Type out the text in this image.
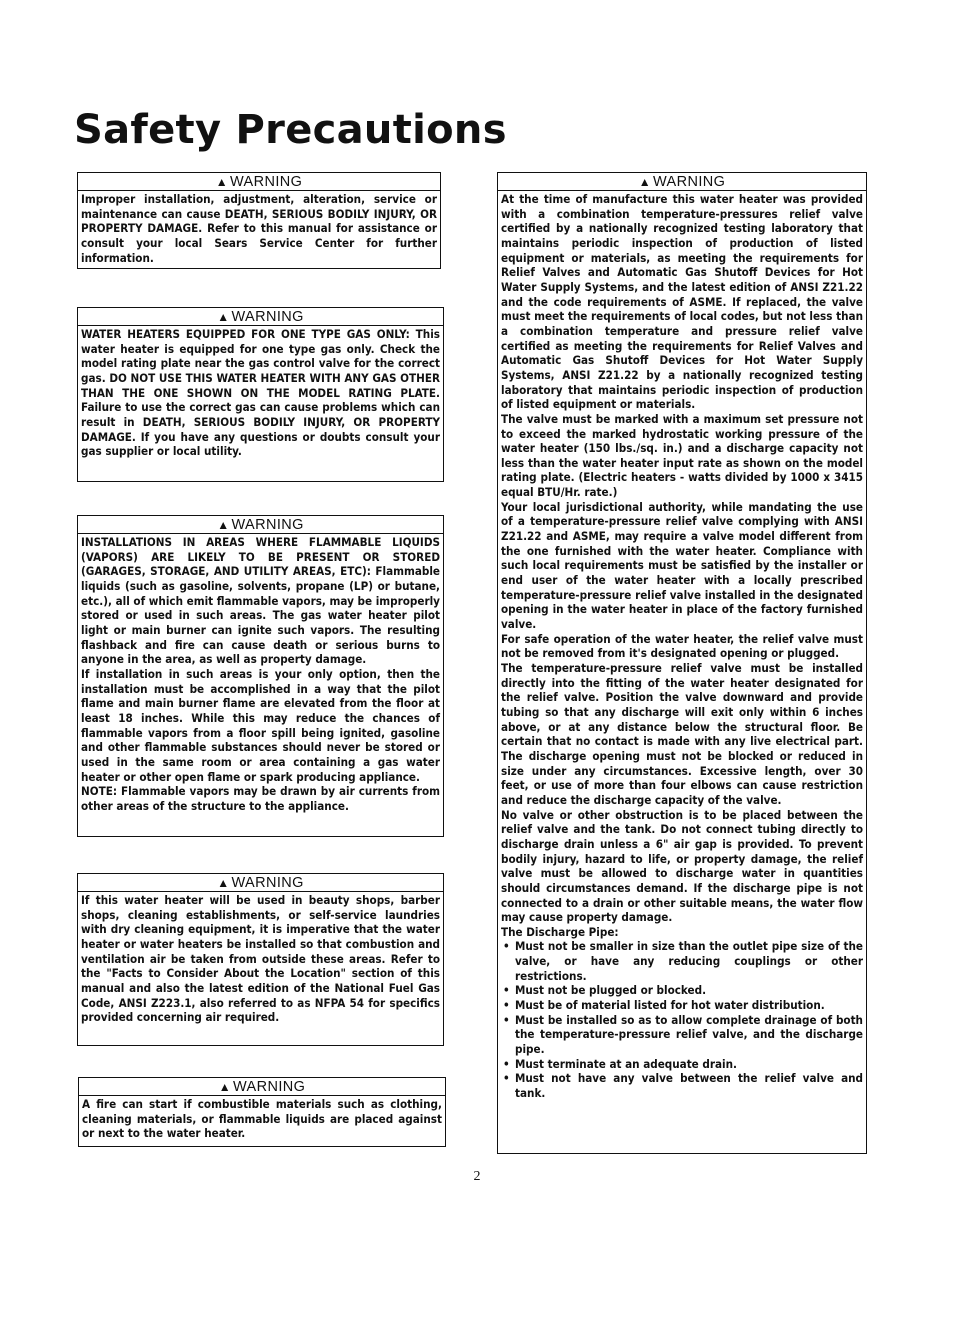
Safety Precautions
▲ WARNING

Improper installation, adjustment, alteration, service or maintenance can cause DEATH, SERIOUS BODILY INJURY, OR PROPERTY DAMAGE. Refer to this manual for assistance or consult your local Sears Service Center for further information.

▲ WARNING

WATER HEATERS EQUIPPED FOR ONE TYPE GAS ONLY: This water heater is equipped for one type gas only. Check the model rating plate near the gas control valve for the correct gas. DO NOT USE THIS WATER HEATER WITH ANY GAS OTHER THAN THE ONE SHOWN ON THE MODEL RATING PLATE. Failure to use the correct gas can cause problems which can result in DEATH, SERIOUS BODILY INJURY, OR PROPERTY DAMAGE. If you have any questions or doubts consult your gas supplier or local utility.

▲ WARNING

INSTALLATIONS IN AREAS WHERE FLAMMABLE LIQUIDS (VAPORS) ARE LIKELY TO BE PRESENT OR STORED (GARAGES, STORAGE, AND UTILITY AREAS, ETC): Flammable liquids (such as gasoline, solvents, propane (LP) or butane, etc.), all of which emit flammable vapors, may be improperly stored or used in such areas. The gas water heater pilot light or main burner can ignite such vapors. The resulting flashback and fire can cause death or serious burns to anyone in the area, as well as property damage.

If installation in such areas is your only option, then the installation must be accomplished in a way that the pilot flame and main burner flame are elevated from the floor at least 18 inches. While this may reduce the chances of flammable vapors from a floor spill being ignited, gasoline and other flammable substances should never be stored or used in the same room or area containing a gas water heater or other open flame or spark producing appliance.

NOTE: Flammable vapors may be drawn by air currents from other areas of the structure to the appliance.

▲ WARNING

If this water heater will be used in beauty shops, barber shops, cleaning establishments, or self-service laundries with dry cleaning equipment, it is imperative that the water heater or water heaters be installed so that combustion and ventilation air be taken from outside these areas. Refer to the "Facts to Consider About the Location" section of this manual and also the latest edition of the National Fuel Gas Code, ANSI Z223.1, also referred to as NFPA 54 for specifics provided concerning air required.

▲ WARNING

A fire can start if combustible materials such as clothing, cleaning materials, or flammable liquids are placed against or next to the water heater.

▲ WARNING

At the time of manufacture this water heater was provided with a combination temperature-pressures relief valve certified by a nationally recognized testing laboratory that maintains periodic inspection of production of listed equipment or materials, as meeting the requirements for Relief Valves and Automatic Gas Shutoff Devices for Hot Water Supply Systems, and the latest edition of ANSI Z21.22 and the code requirements of ASME. If replaced, the valve must meet the requirements of local codes, but not less than a combination temperature and pressure relief valve certified as meeting the requirements for Relief Valves and Automatic Gas Shutoff Devices for Hot Water Supply Systems, ANSI Z21.22 by a nationally recognized testing laboratory that maintains periodic inspection of production of listed equipment or materials.

The valve must be marked with a maximum set pressure not to exceed the marked hydrostatic working pressure of the water heater (150 lbs./sq. in.) and a discharge capacity not less than the water heater input rate as shown on the model rating plate. (Electric heaters - watts divided by 1000 x 3415 equal BTU/Hr. rate.)

Your local jurisdictional authority, while mandating the use of a temperature-pressure relief valve complying with ANSI Z21.22 and ASME, may require a valve model different from the one furnished with the water heater. Compliance with such local requirements must be satisfied by the installer or end user of the water heater with a locally prescribed temperature-pressure relief valve installed in the designated opening in the water heater in place of the factory furnished valve.

For safe operation of the water heater, the relief valve must not be removed from it's designated opening or plugged.

The temperature-pressure relief valve must be installed directly into the fitting of the water heater designated for the relief valve. Position the valve downward and provide tubing so that any discharge will exit only within 6 inches above, or at any distance below the structural floor. Be certain that no contact is made with any live electrical part. The discharge opening must not be blocked or reduced in size under any circumstances. Excessive length, over 30 feet, or use of more than four elbows can cause restriction and reduce the discharge capacity of the valve.

No valve or other obstruction is to be placed between the relief valve and the tank. Do not connect tubing directly to discharge drain unless a 6" air gap is provided. To prevent bodily injury, hazard to life, or property damage, the relief valve must be allowed to discharge water in quantities should circumstances demand. If the discharge pipe is not connected to a drain or other suitable means, the water flow may cause property damage.

The Discharge Pipe:

• Must not be smaller in size than the outlet pipe size of the valve, or have any reducing couplings or other restrictions.
• Must not be plugged or blocked.
• Must be of material listed for hot water distribution.
• Must be installed so as to allow complete drainage of both the temperature-pressure relief valve, and the discharge pipe.
• Must terminate at an adequate drain.
• Must not have any valve between the relief valve and tank.
2
